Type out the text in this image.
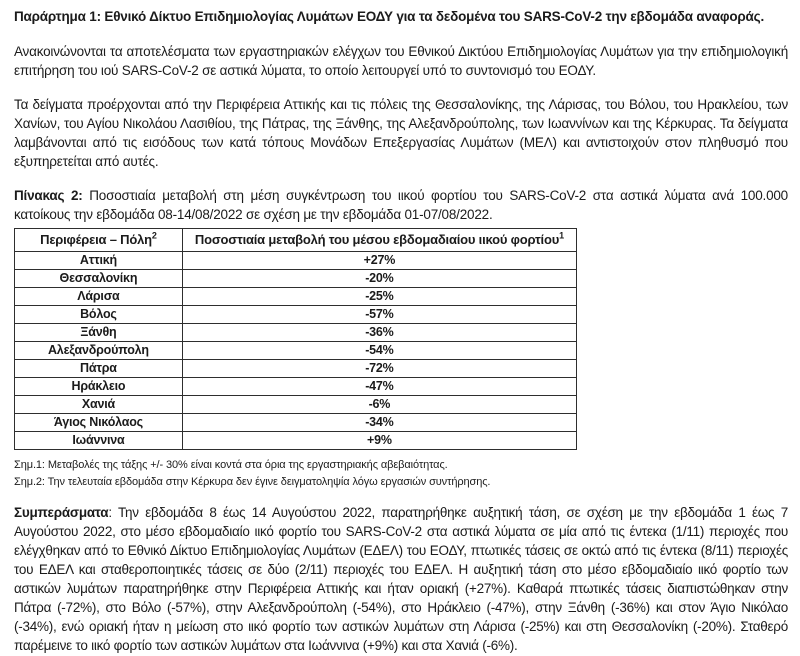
Παράρτημα 1: Εθνικό Δίκτυο Επιδημιολογίας Λυμάτων ΕΟΔΥ για τα δεδομένα του SARS-CoV-2 την εβδομάδα αναφοράς.

Ανακοινώνονται τα αποτελέσματα των εργαστηριακών ελέγχων του Εθνικού Δικτύου Επιδημιολογίας Λυμάτων για την επιδημιολογική επιτήρηση του ιού SARS-CoV-2 σε αστικά λύματα, το οποίο λειτουργεί υπό το συντονισμό του ΕΟΔΥ.

Τα δείγματα προέρχονται από την Περιφέρεια Αττικής και τις πόλεις της Θεσσαλονίκης, της Λάρισας, του Βόλου, του Ηρακλείου, των Χανίων, του Αγίου Νικολάου Λασιθίου, της Πάτρας, της Ξάνθης, της Αλεξανδρούπολης, των Ιωαννίνων και της Κέρκυρας. Τα δείγματα λαμβάνονται από τις εισόδους των κατά τόπους Μονάδων Επεξεργασίας Λυμάτων (ΜΕΛ) και αντιστοιχούν στον πληθυσμό που εξυπηρετείται από αυτές.

Πίνακας 2: Ποσοστιαία μεταβολή στη μέση συγκέντρωση του ιικού φορτίου του SARS-CoV-2 στα αστικά λύματα ανά 100.000 κατοίκους την εβδομάδα 08-14/08/2022 σε σχέση με την εβδομάδα 01-07/08/2022.

Περιφέρεια – Πόλη$^2$	Ποσοστιαία μεταβολή του μέσου εβδομαδιαίου ιικού φορτίου$^1$
Αττική	+27%
Θεσσαλονίκη	-20%
Λάρισα	-25%
Βόλος	-57%
Ξάνθη	-36%
Αλεξανδρούπολη	-54%
Πάτρα	-72%
Ηράκλειο	-47%
Χανιά	-6%
Άγιος Νικόλαος	-34%
Ιωάννινα	+9%

Σημ.1: Μεταβολές της τάξης +/- 30% είναι κοντά στα όρια της εργαστηριακής αβεβαιότητας.

Σημ.2: Την τελευταία εβδομάδα στην Κέρκυρα δεν έγινε δειγματοληψία λόγω εργασιών συντήρησης.

Συμπεράσματα: Την εβδομάδα 8 έως 14 Αυγούστου 2022, παρατηρήθηκε αυξητική τάση, σε σχέση με την εβδομάδα 1 έως 7 Αυγούστου 2022, στο μέσο εβδομαδιαίο ιικό φορτίο του SARS-CoV-2 στα αστικά λύματα σε μία από τις έντεκα (1/11) περιοχές που ελέγχθηκαν από το Εθνικό Δίκτυο Επιδημιολογίας Λυμάτων (ΕΔΕΛ) του ΕΟΔΥ, πτωτικές τάσεις σε οκτώ από τις έντεκα (8/11) περιοχές του ΕΔΕΛ και σταθεροποιητικές τάσεις σε δύο (2/11) περιοχές του ΕΔΕΛ. Η αυξητική τάση στο μέσο εβδομαδιαίο ιικό φορτίο των αστικών λυμάτων παρατηρήθηκε στην Περιφέρεια Αττικής και ήταν οριακή (+27%). Καθαρά πτωτικές τάσεις διαπιστώθηκαν στην Πάτρα (-72%), στο Βόλο (-57%), στην Αλεξανδρούπολη (-54%), στο Ηράκλειο (-47%), στην Ξάνθη (-36%) και στον Άγιο Νικόλαο (-34%), ενώ οριακή ήταν η μείωση στο ιικό φορτίο των αστικών λυμάτων στη Λάρισα (-25%) και στη Θεσσαλονίκη (-20%). Σταθερό παρέμεινε το ιικό φορτίο των αστικών λυμάτων στα Ιωάννινα (+9%) και στα Χανιά (-6%).
